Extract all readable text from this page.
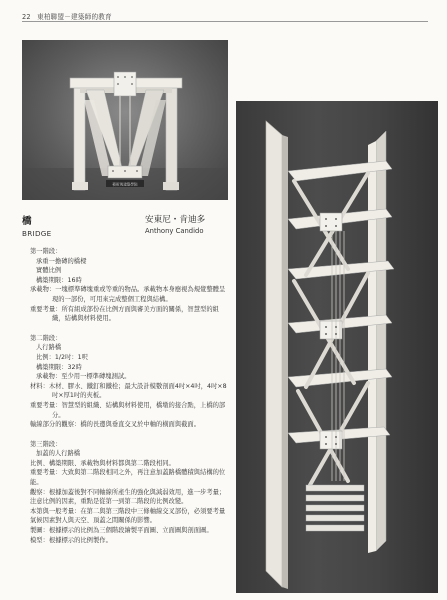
22 東柏聯盟－建築師的教育
藝術與建築學院
橋
BRIDGE
安東尼・肯迪多
Anthony Candido

第一階段：

承重一擔磚的橋樑

實體比例

構築期限：16時

承載物：一塊標準磚塊重或等重的物品。承載物本身應視為規覺整體呈現的一部份，可用來完成整個工程與結構。

重要考量：所有組成部份在比例方面與審美方面的關係，智慧型的組織，結構與材料使用。

第二階段：

人行路橋

比例：1/2吋：1呎

構築期限：32時

承載物：至少用一標準磚塊測試。

材料：木材、膠水、鐵釘和鐵栓；最大設計模數剖面4吋×4吋，4吋×8吋×厚1吋的夾板。

重要考量：智慧型的組織、結構與材料使用，橋墩的接合點，上橋的部分。

輸線部分的觀察：橋的長邊與垂直交叉於中軸的橫面與截面。

第三階段：

加蓋的人行路橋

比例、構築期限、承載物與材料都與第二階段相同。

重要考量：大致與第二階段相同之外，再注意加蓋路橋體積與結構的位能。

觀察：根據加蓋後對不同軸線所產生的強化與減弱效用，進一步考量；注意比例的因素，重點是從第一到第二階段的比例改變。

本第與一般考量：在第二與第三階段中三條軸線交叉部份，必須要考量氣候因素對人與天空、頂蓋之間關係的影響。

製圖：根據標示的比例為三個階段繪製平面圖、立面圖與剖面圖。

模型：根據標示的比例製作。
